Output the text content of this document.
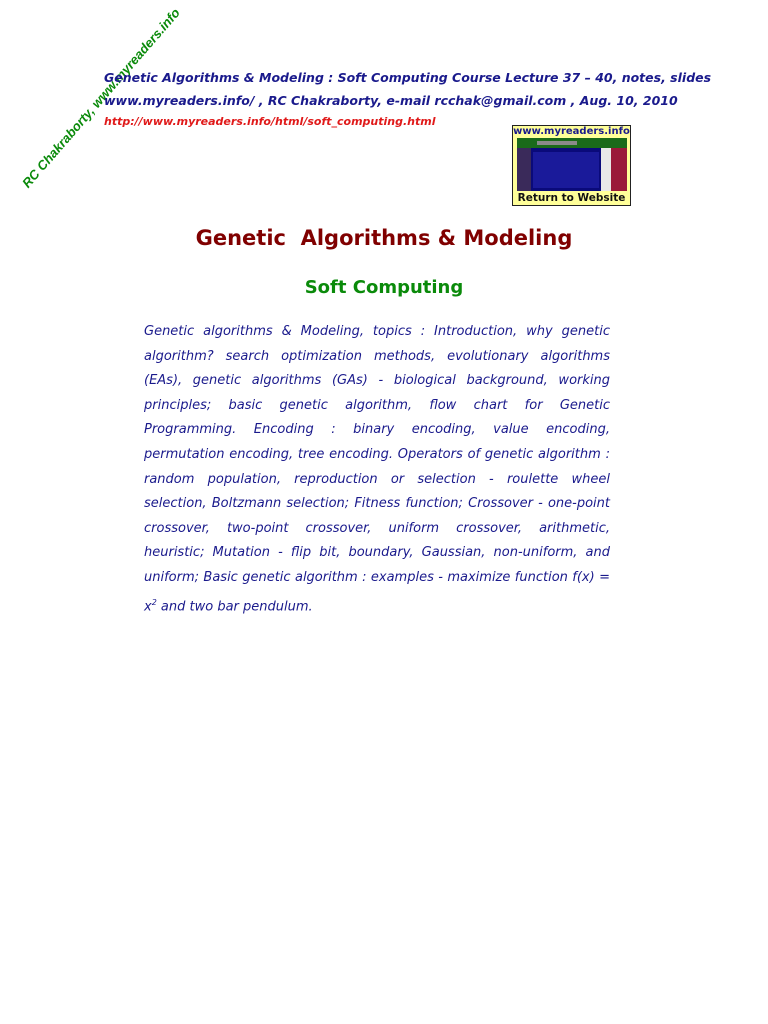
RC Chakraborty, www.myreaders.info
Genetic Algorithms & Modeling : Soft Computing Course Lecture 37 – 40, notes, slides
www.myreaders.info/ , RC Chakraborty, e-mail rcchak@gmail.com , Aug. 10, 2010
http://www.myreaders.info/html/soft_computing.html
www.myreaders.info
Return to Website
Genetic  Algorithms & Modeling
Soft Computing
Genetic algorithms & Modeling, topics : Introduction, why genetic algorithm? search optimization methods, evolutionary algorithms (EAs), genetic algorithms (GAs) - biological background, working principles; basic genetic algorithm, flow chart for Genetic Programming. Encoding : binary encoding, value encoding, permutation encoding, tree encoding. Operators of genetic algorithm : random population, reproduction or selection - roulette wheel selection, Boltzmann selection; Fitness function; Crossover - one-point crossover, two-point crossover, uniform crossover, arithmetic, heuristic; Mutation - flip bit, boundary, Gaussian, non-uniform, and uniform; Basic genetic algorithm : examples - maximize function $f(x) = x^2$ and two bar pendulum.
